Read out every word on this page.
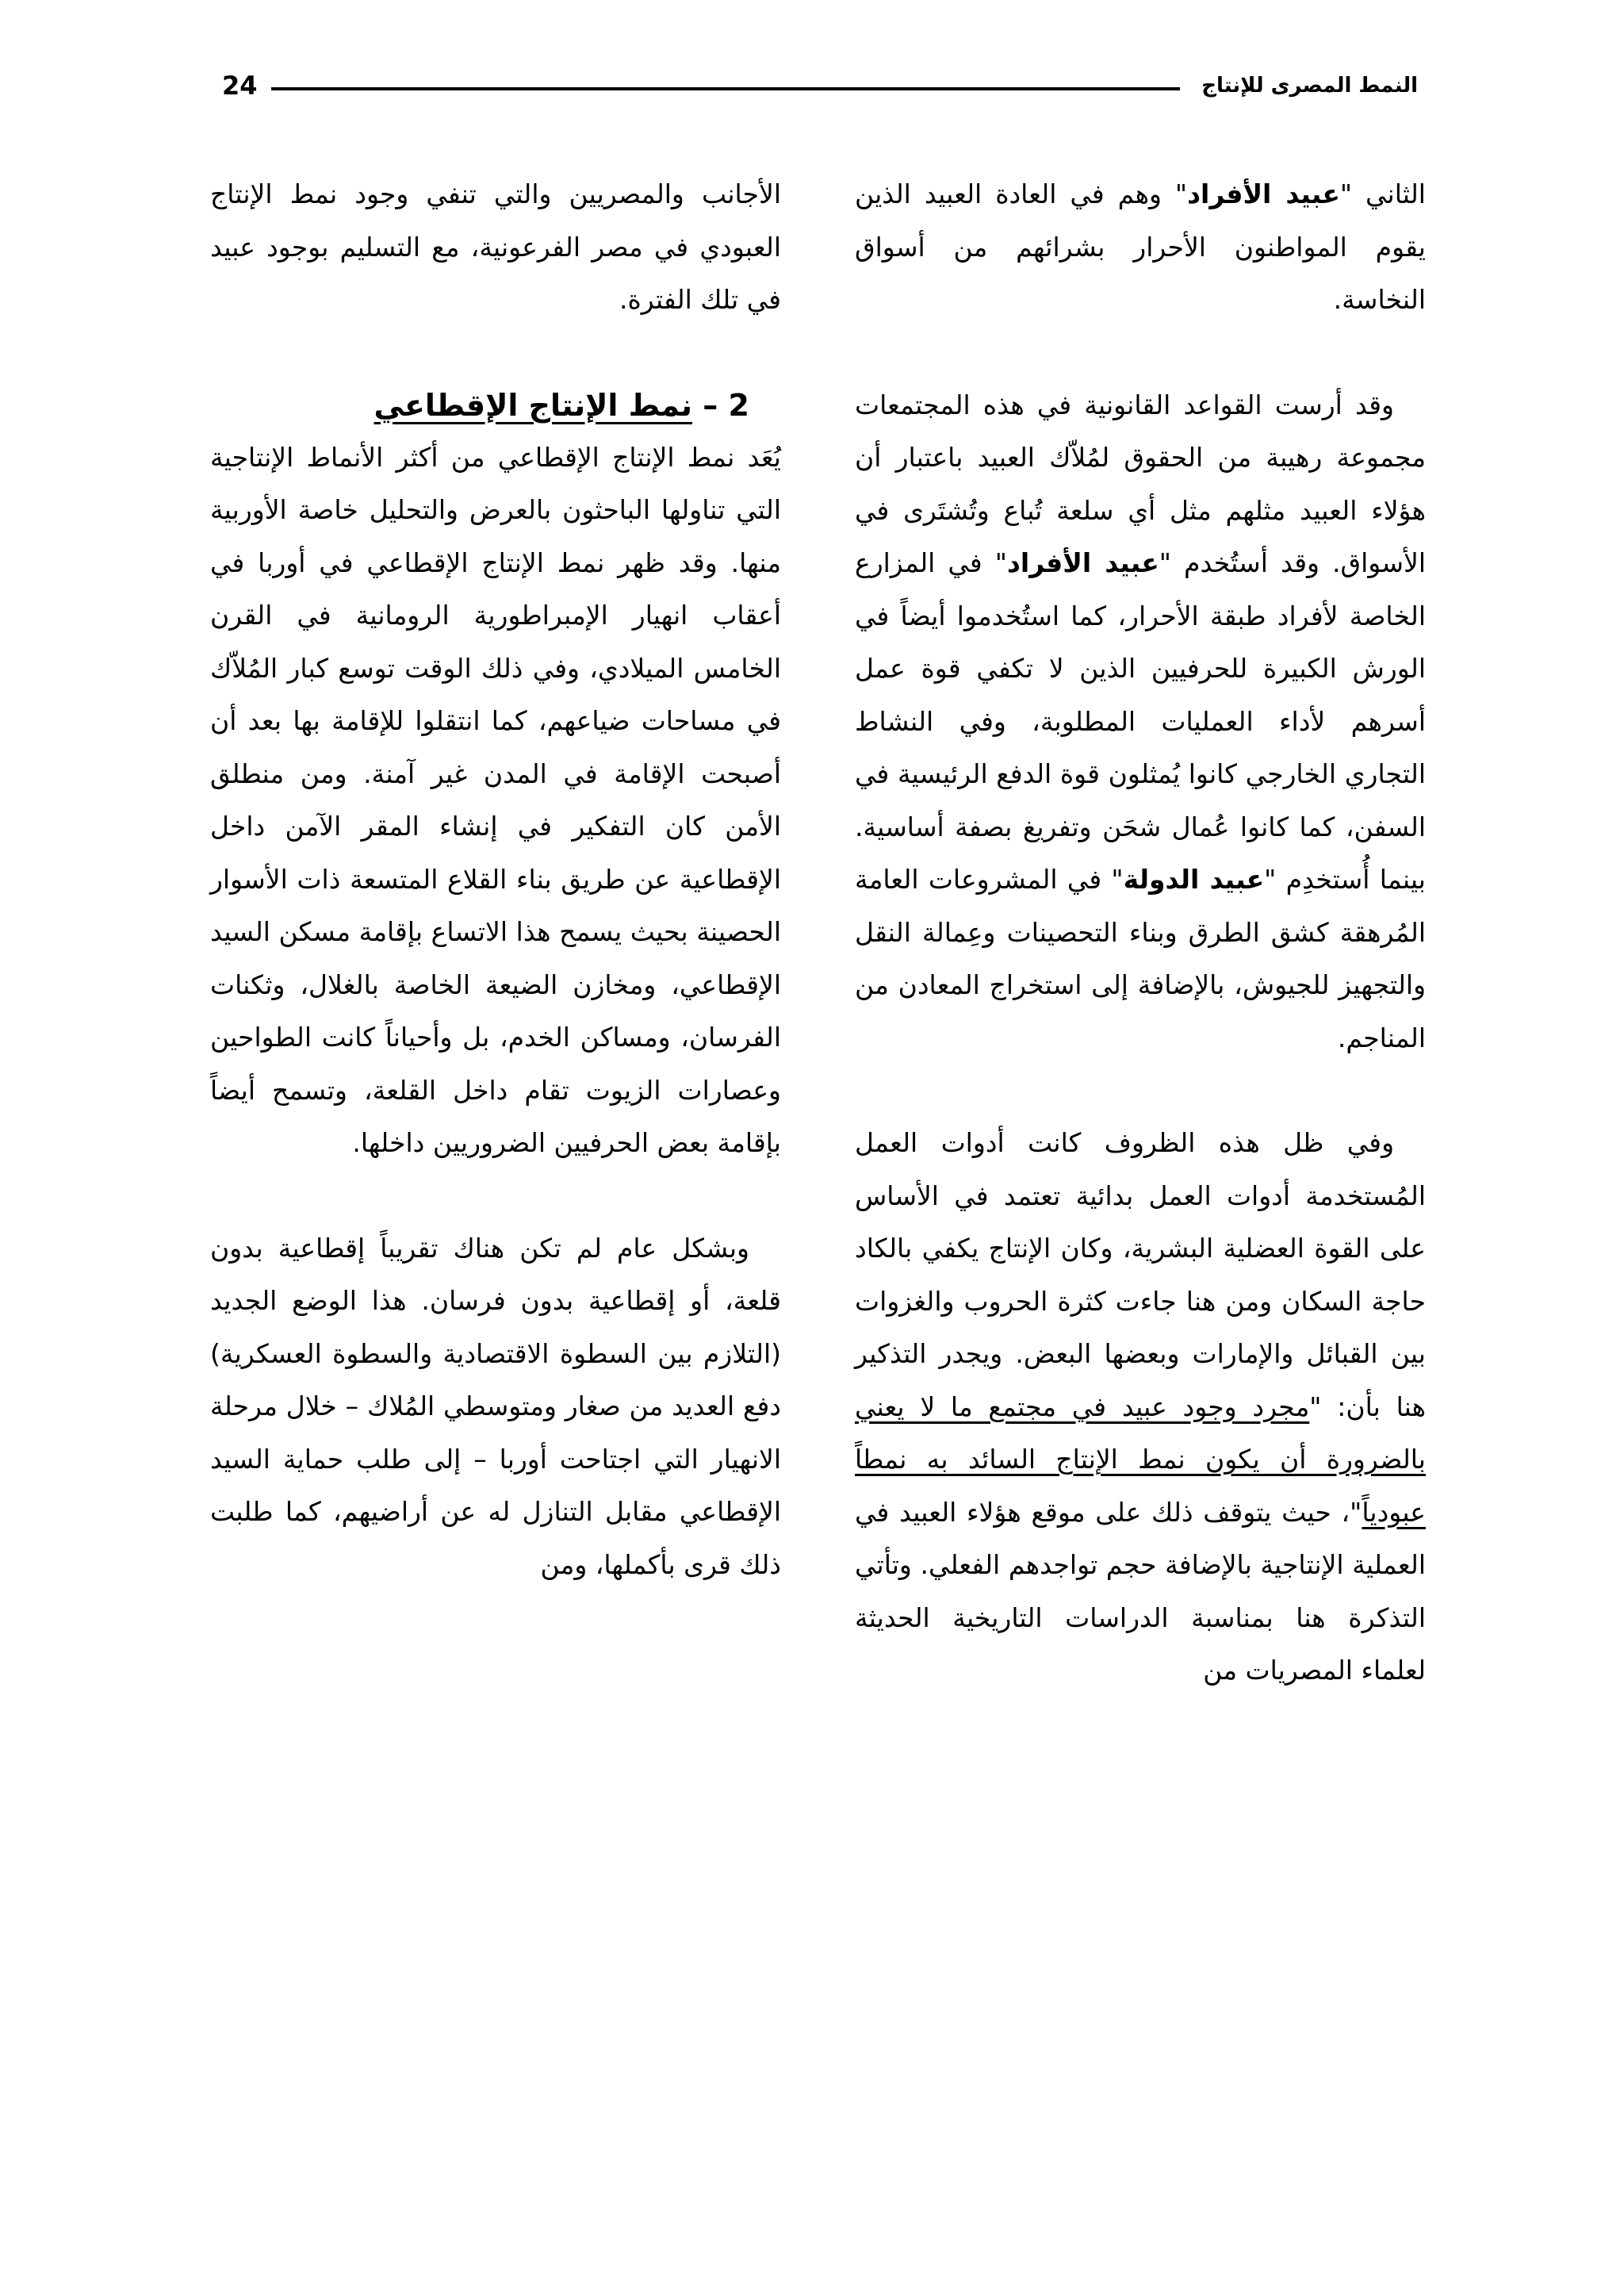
24	النمط المصرى للإنتاج

الثاني "عبيد الأفراد" وهم في العادة العبيد الذين يقوم المواطنون الأحرار بشرائهم من أسواق النخاسة.

وقد أرست القواعد القانونية في هذه المجتمعات مجموعة رهيبة من الحقوق لمُلاّك العبيد باعتبار أن هؤلاء العبيد مثلهم مثل أي سلعة تُباع وتُشتَرى في الأسواق. وقد أستُخدم "عبيد الأفراد" في المزارع الخاصة لأفراد طبقة الأحرار، كما استُخدموا أيضاً في الورش الكبيرة للحرفيين الذين لا تكفي قوة عمل أسرهم لأداء العمليات المطلوبة، وفي النشاط التجاري الخارجي كانوا يُمثلون قوة الدفع الرئيسية في السفن، كما كانوا عُمال شحَن وتفريغ بصفة أساسية. بينما أُستخدِم "عبيد الدولة" في المشروعات العامة المُرهقة كشق الطرق وبناء التحصينات وعِمالة النقل والتجهيز للجيوش، بالإضافة إلى استخراج المعادن من المناجم.

وفي ظل هذه الظروف كانت أدوات العمل المُستخدمة أدوات العمل بدائية تعتمد في الأساس على القوة العضلية البشرية، وكان الإنتاج يكفي بالكاد حاجة السكان ومن هنا جاءت كثرة الحروب والغزوات بين القبائل والإمارات وبعضها البعض. ويجدر التذكير هنا بأن: "مجرد وجود عبيد في مجتمع ما لا يعني بالضرورة أن يكون نمط الإنتاج السائد به نمطاً عبودياً"، حيث يتوقف ذلك على موقع هؤلاء العبيد في العملية الإنتاجية بالإضافة حجم تواجدهم الفعلي. وتأتي التذكرة هنا بمناسبة الدراسات التاريخية الحديثة لعلماء المصريات من

الأجانب والمصريين والتي تنفي وجود نمط الإنتاج العبودي في مصر الفرعونية، مع التسليم بوجود عبيد في تلك الفترة.

2 – نمط الإنتاج الإقطاعي

يُعَد نمط الإنتاج الإقطاعي من أكثر الأنماط الإنتاجية التي تناولها الباحثون بالعرض والتحليل خاصة الأوربية منها. وقد ظهر نمط الإنتاج الإقطاعي في أوربا في أعقاب انهيار الإمبراطورية الرومانية في القرن الخامس الميلادي، وفي ذلك الوقت توسع كبار المُلاّك في مساحات ضياعهم، كما انتقلوا للإقامة بها بعد أن أصبحت الإقامة في المدن غير آمنة. ومن منطلق الأمن كان التفكير في إنشاء المقر الآمن داخل الإقطاعية عن طريق بناء القلاع المتسعة ذات الأسوار الحصينة بحيث يسمح هذا الاتساع بإقامة مسكن السيد الإقطاعي، ومخازن الضيعة الخاصة بالغلال، وثكنات الفرسان، ومساكن الخدم، بل وأحياناً كانت الطواحين وعصارات الزيوت تقام داخل القلعة، وتسمح أيضاً بإقامة بعض الحرفيين الضروريين داخلها.

وبشكل عام لم تكن هناك تقريباً إقطاعية بدون قلعة، أو إقطاعية بدون فرسان. هذا الوضع الجديد (التلازم بين السطوة الاقتصادية والسطوة العسكرية) دفع العديد من صغار ومتوسطي المُلاك – خلال مرحلة الانهيار التي اجتاحت أوربا – إلى طلب حماية السيد الإقطاعي مقابل التنازل له عن أراضيهم، كما طلبت ذلك قرى بأكملها، ومن
